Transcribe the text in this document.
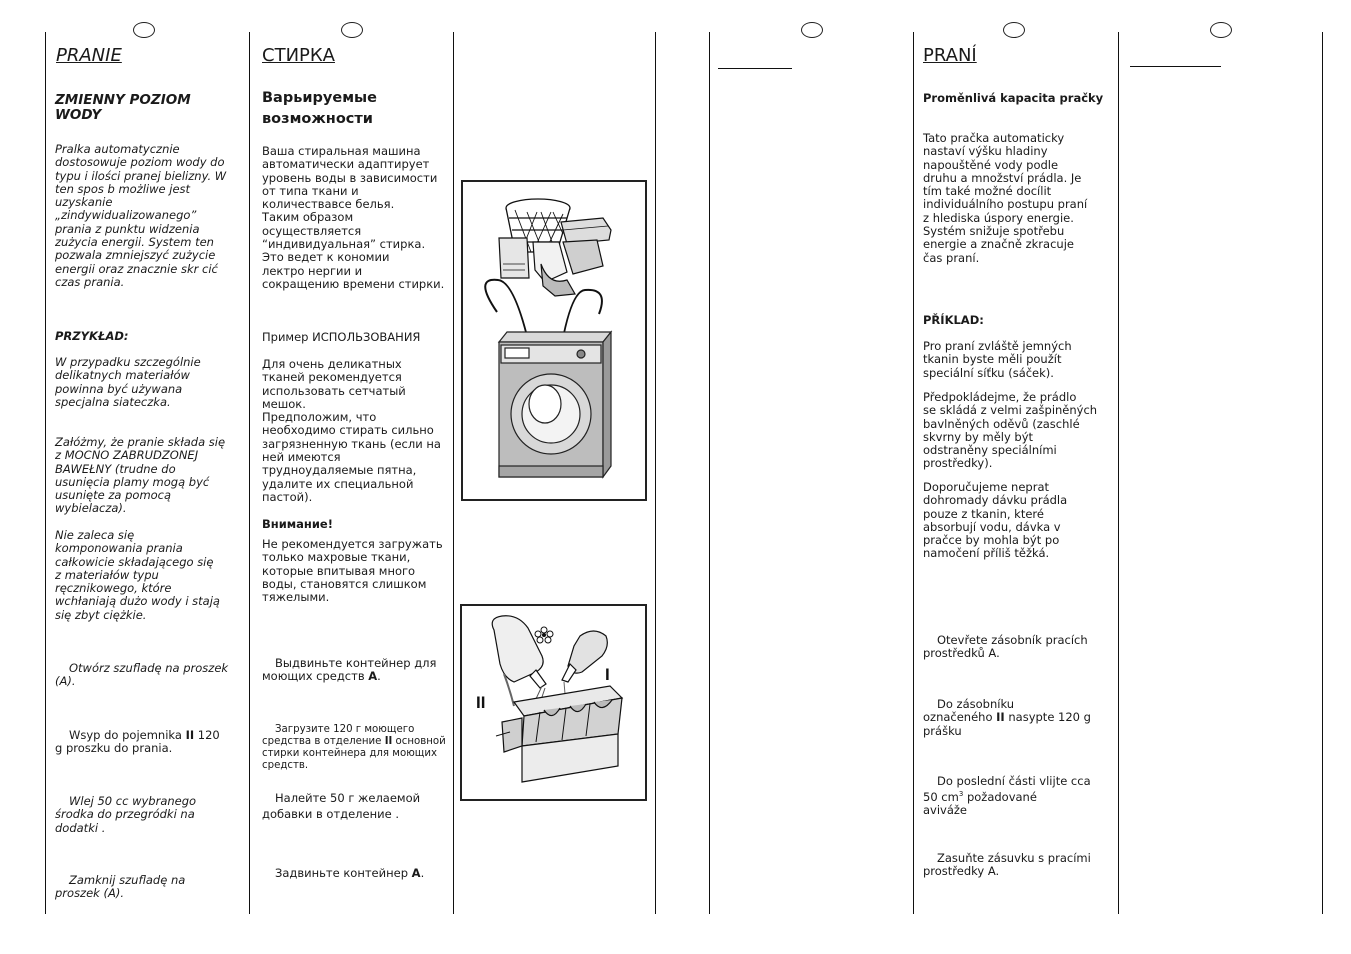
PRANIE
ZMIENNY POZIOM
WODY
Pralka automatycznie
dostosowuje poziom wody do
typu i ilości pranej bielizny. W
ten spos b możliwe jest
uzyskanie
„zindywidualizowanego”
prania z punktu widzenia
zużycia energii. System ten
pozwala zmniejszyć zużycie
energii oraz znacznie skr cić
czas prania.
PRZYKŁAD:
W przypadku szczególnie
delikatnych materiałów
powinna być używana
specjalna siateczka.
Załóżmy, że pranie składa się
z MOCNO ZABRUDZONEJ
BAWEŁNY (trudne do
usunięcia plamy mogą być
usunięte za pomocą
wybielacza).
Nie zaleca się
komponowania prania
całkowicie składającego się
z materiałów typu
ręcznikowego, które
wchłaniają dużo wody i stają
się zbyt ciężkie.
Otwórz szufladę na proszek
(A).
Wsyp do pojemnika II 120
g proszku do prania.
Wlej 50 cc wybranego
środka do przegródki na
dodatki .
Zamknij szufladę na
proszek (A).
СТИРКА
Варьируемые
возможности
Ваша стиральная машина
автоматически адаптирует
уровень воды в зависимости
от типа ткани и
количествавсе белья.
Таким образом
осуществляется
“индивидуальная” стирка.
Это ведет к кономии
лектро нергии и
сокращению времени стирки.
Пример ИСПОЛЬЗОВАНИЯ
Для очень деликатных
тканей рекомендуется
использовать сетчатый
мешок.
Предположим, что
необходимо стирать сильно
загрязненную ткань (если на
ней имеются
трудноудаляемые пятна,
удалите их специальной
пастой).
Внимание!
Не рекомендуется загружать
только махровые ткани,
которые впитывая много
воды, становятся слишком
тяжелыми.
Выдвиньте контейнер для
моющих средств A.
Загрузите 120 г моющего
средства в отделение II основной
стирки контейнера для моющих
средств.
Налейте 50 г желаемой
добавки в отделение .
Задвиньте контейнер A.
II
I
PRANÍ
Proměnlivá kapacita pračky
Tato pračka automaticky
nastaví výšku hladiny
napouštěné vody podle
druhu a množství prádla. Je
tím také možné docílit
individuálního postupu praní
z hlediska úspory energie.
Systém snižuje spotřebu
energie a značně zkracuje
čas praní.
PŘÍKLAD:
Pro praní zvláště jemných
tkanin byste měli použít
speciální síťku (sáček).
Předpokládejme, že prádlo
se skládá z velmi zašpiněných
bavlněných oděvů (zaschlé
skvrny by měly být
odstraněny speciálními
prostředky).
Doporučujeme neprat
dohromady dávku prádla
pouze z tkanin, které
absorbují vodu, dávka v
pračce by mohla být po
namočení příliš těžká.
Otevřete zásobník pracích
prostředků A.
Do zásobníku
označeného II nasypte 120 g
prášku
Do poslední části vlijte cca
50 $cm^3$ požadované
aviváže
Zasuňte zásuvku s pracími
prostředky A.
